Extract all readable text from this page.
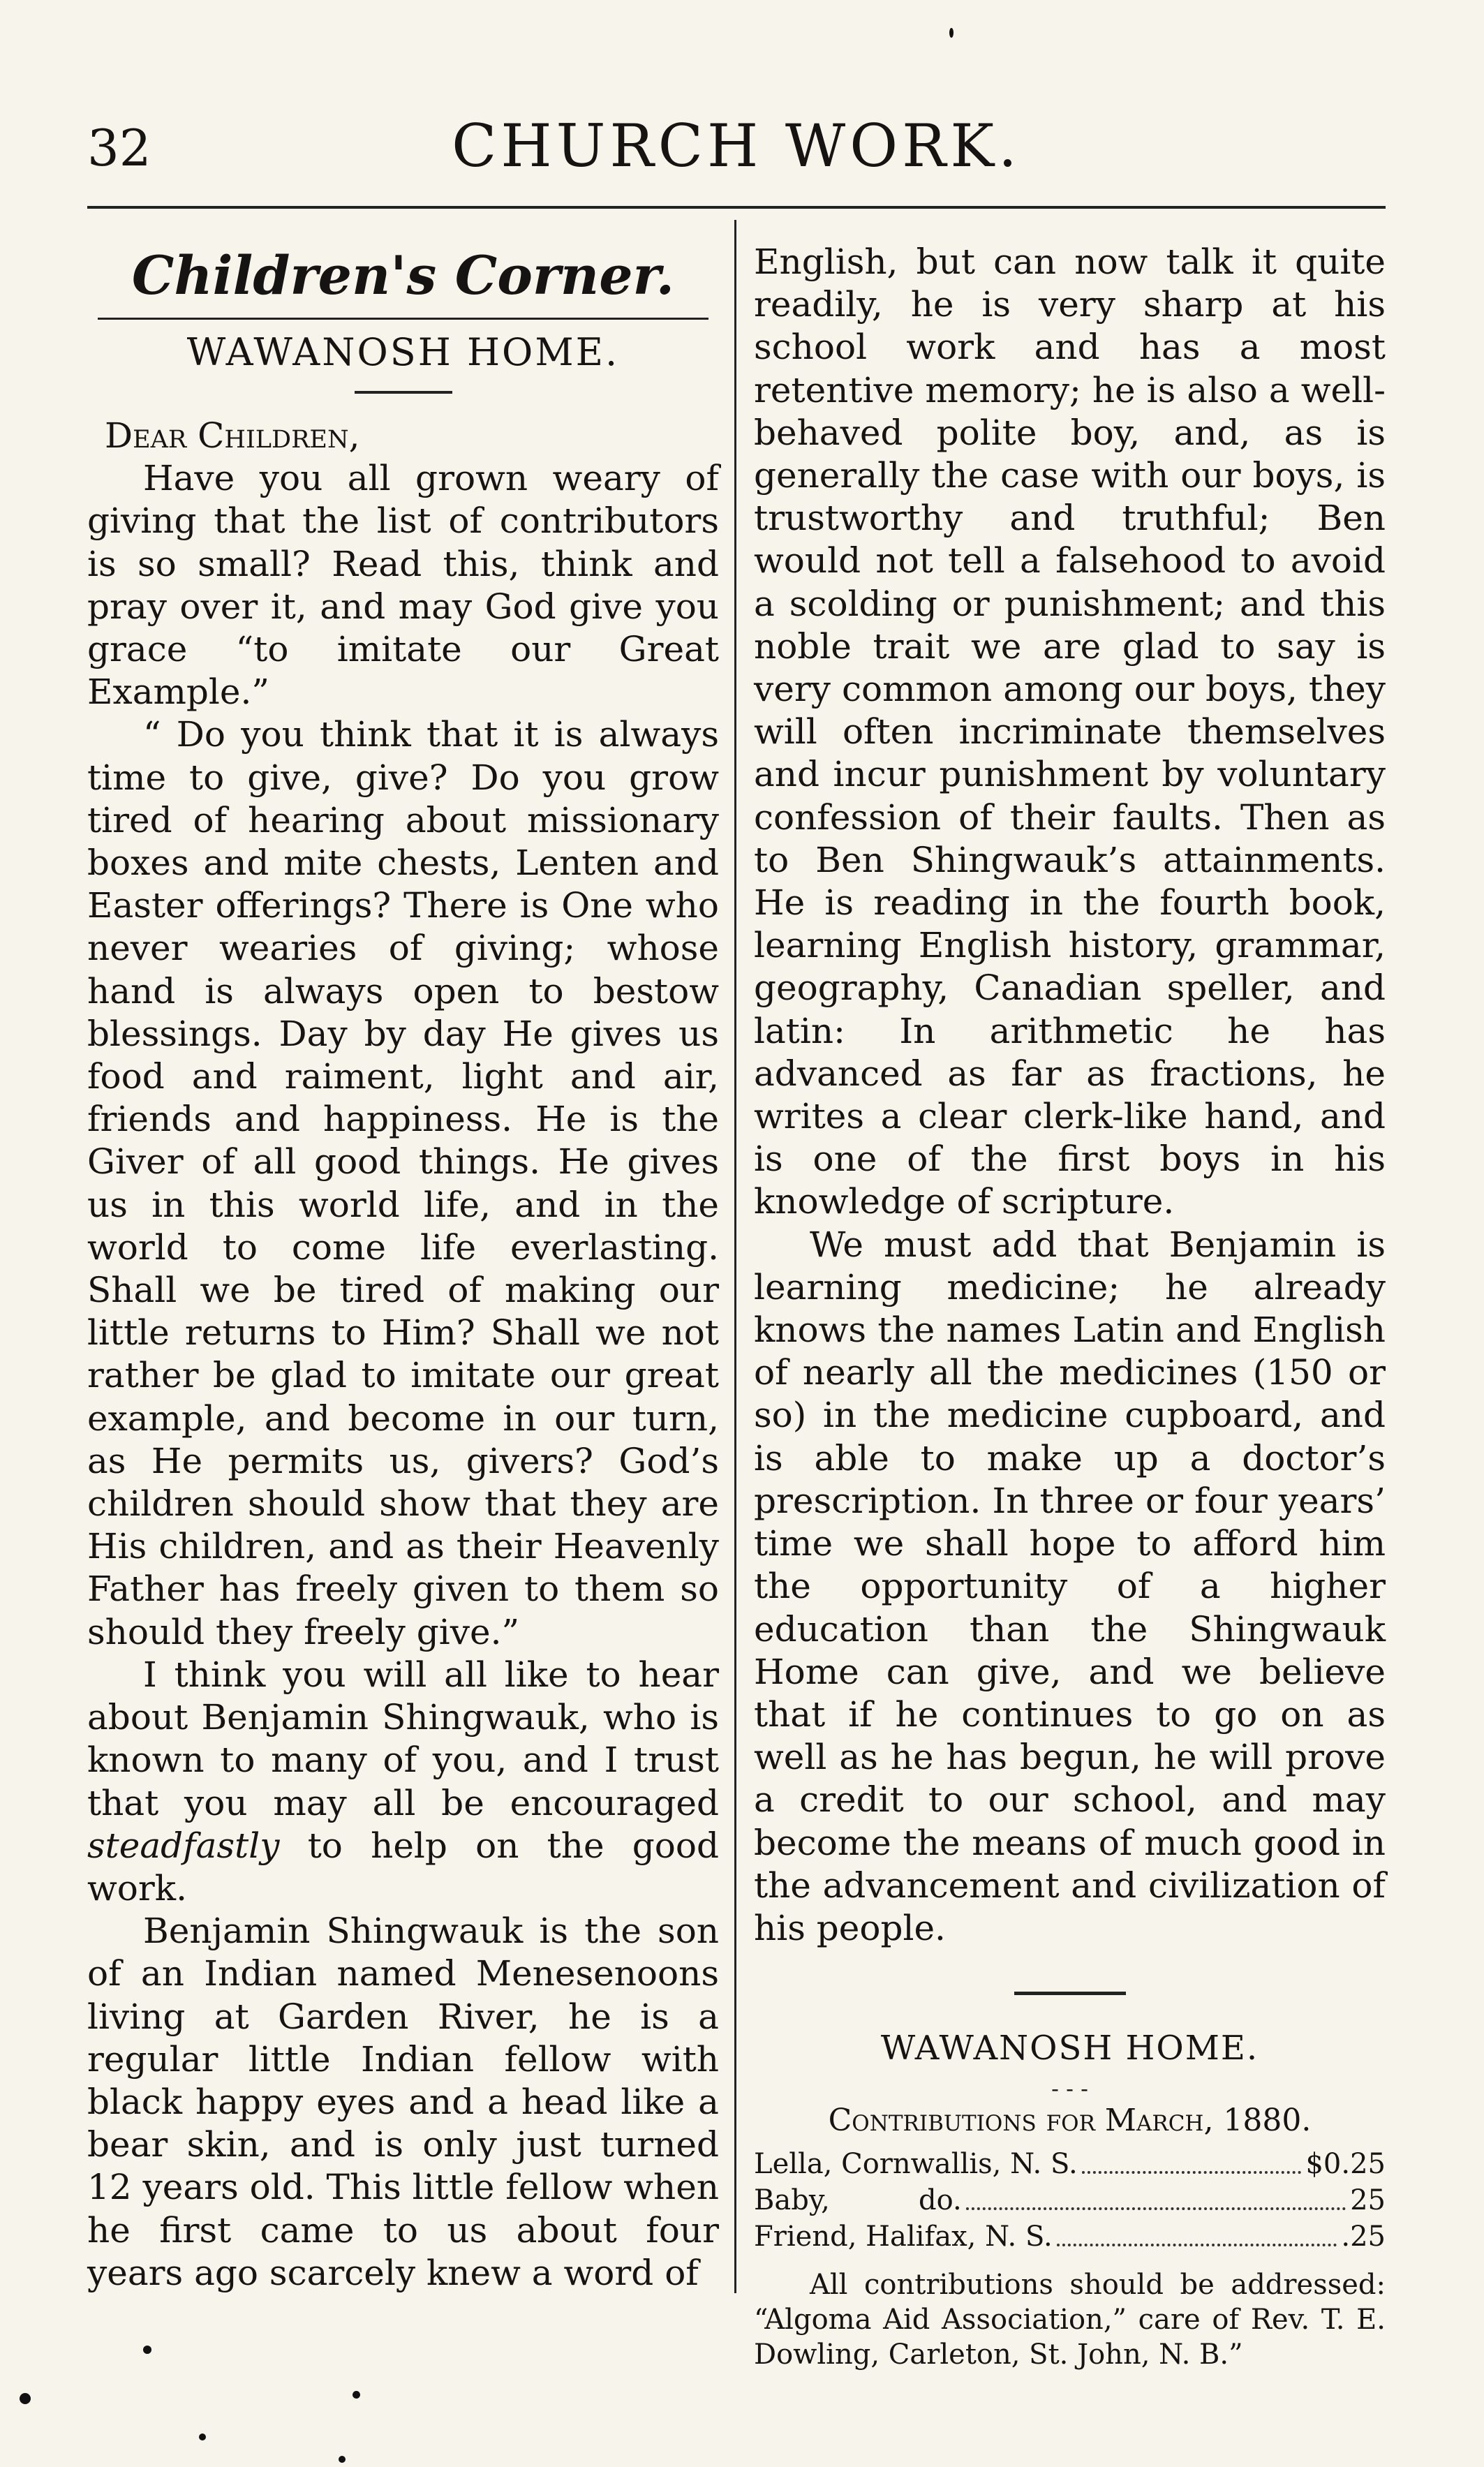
32	CHURCH WORK.
Children's Corner.
WAWANOSH HOME.

Dear Children,

Have you all grown weary of giving that the list of contributors is so small? Read this, think and pray over it, and may God give you grace “to imitate our Great Example.”

“ Do you think that it is always time to give, give? Do you grow tired of hearing about missionary boxes and mite chests, Lenten and Easter offerings? There is One who never wearies of giving; whose hand is always open to bestow blessings. Day by day He gives us food and raiment, light and air, friends and happiness. He is the Giver of all good things. He gives us in this world life, and in the world to come life everlasting. Shall we be tired of making our little returns to Him? Shall we not rather be glad to imitate our great example, and become in our turn, as He permits us, givers? God’s children should show that they are His children, and as their Heavenly Father has freely given to them so should they freely give.”

I think you will all like to hear about Benjamin Shingwauk, who is known to many of you, and I trust that you may all be encouraged steadfastly to help on the good work.

Benjamin Shingwauk is the son of an Indian named Menesenoons living at Garden River, he is a regular little Indian fellow with black happy eyes and a head like a bear skin, and is only just turned 12 years old. This little fellow when he first came to us about four years ago scarcely knew a word of

English, but can now talk it quite readily, he is very sharp at his school work and has a most retentive memory; he is also a well-behaved polite boy, and, as is generally the case with our boys, is trustworthy and truthful; Ben would not tell a falsehood to avoid a scolding or punishment; and this noble trait we are glad to say is very common among our boys, they will often incriminate themselves and incur punishment by voluntary confession of their faults. Then as to Ben Shingwauk’s attainments. He is reading in the fourth book, learning English history, grammar, geography, Canadian speller, and latin: In arithmetic he has advanced as far as fractions, he writes a clear clerk-like hand, and is one of the first boys in his knowledge of scripture.

We must add that Benjamin is learning medicine; he already knows the names Latin and English of nearly all the medicines (150 or so) in the medicine cupboard, and is able to make up a doctor’s prescription. In three or four years’ time we shall hope to afford him the opportunity of a higher education than the Shingwauk Home can give, and we believe that if he continues to go on as well as he has begun, he will prove a credit to our school, and may become the means of much good in the advancement and civilization of his people.

WAWANOSH HOME.
- - -
Contributions for March, 1880.
Lella, Cornwallis, N. S.	$0.25
Baby,          do.	25
Friend, Halifax, N. S.	.25

All contributions should be addressed: “Algoma Aid Association,” care of Rev. T. E. Dowling, Carleton, St. John, N. B.”
